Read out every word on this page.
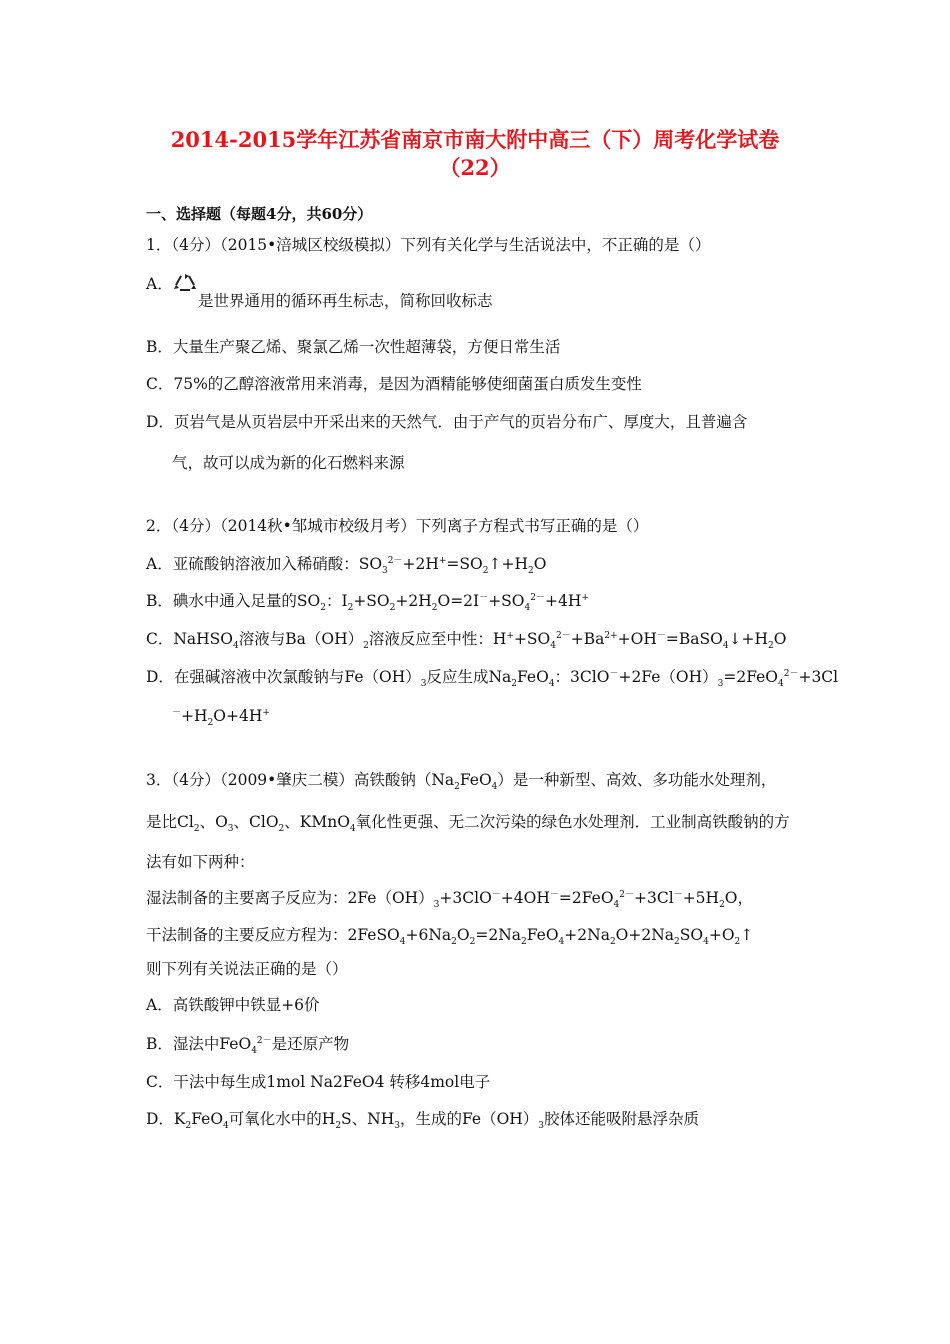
2014-2015学年江苏省南京市南大附中高三（下）周考化学试卷
（22）
一、选择题（每题4分，共60分）
1．（4分）（2015•涪城区校级模拟）下列有关化学与生活说法中，不正确的是（）
A．
是世界通用的循环再生标志，简称回收标志
B．大量生产聚乙烯、聚氯乙烯一次性超薄袋，方便日常生活
C．75%的乙醇溶液常用来消毒，是因为酒精能够使细菌蛋白质发生变性
D．页岩气是从页岩层中开采出来的天然气．由于产气的页岩分布广、厚度大，且普遍含
气，故可以成为新的化石燃料来源
2．（4分）（2014秋•邹城市校级月考）下列离子方程式书写正确的是（）
A．亚硫酸钠溶液加入稀硝酸：$SO_3^{2-}+2H^+=SO_2↑+H_2O$
B．碘水中通入足量的$SO_2$：$I_2+SO_2+2H_2O=2I^-+SO_4^{2-}+4H^+$
C．NaHSO$_4$溶液与$Ba(OH)_2$溶液反应至中性：$H^++SO_4^{2-}+Ba^{2+}+OH^-=BaSO_4↓+H_2O$
D．在强碱溶液中次氯酸钠与$Fe(OH)_3$反应生成$Na_2FeO_4$：$3ClO^-+2Fe(OH)_3=2FeO_4^{2-}+3Cl$
$^-+H_2O+4H^+$
3．（4分）（2009•肇庆二模）高铁酸钠$(Na_2FeO_4)$是一种新型、高效、多功能水处理剂，
是比$Cl_2$、$O_3$、ClO$_2$、KMnO$_4$氧化性更强、无二次污染的绿色水处理剂．工业制高铁酸钠的方
法有如下两种：
湿法制备的主要离子反应为：$2Fe(OH)_3+3ClO^-+4OH^-=2FeO_4^{2-}+3Cl^-+5H_2O$，
干法制备的主要反应方程为：$2FeSO_4+6Na_2O_2=2Na_2FeO_4+2Na_2O+2Na_2SO_4+O_2↑$
则下列有关说法正确的是（）
A．高铁酸钾中铁显+6价
B．湿法中FeO$_4^{2-}$是还原产物
C．干法中每生成1mol Na2FeO4 转移4mol电子
D．$K_2FeO_4$可氧化水中的$H_2S$、$NH_3$，生成的$Fe(OH)_3$胶体还能吸附悬浮杂质
